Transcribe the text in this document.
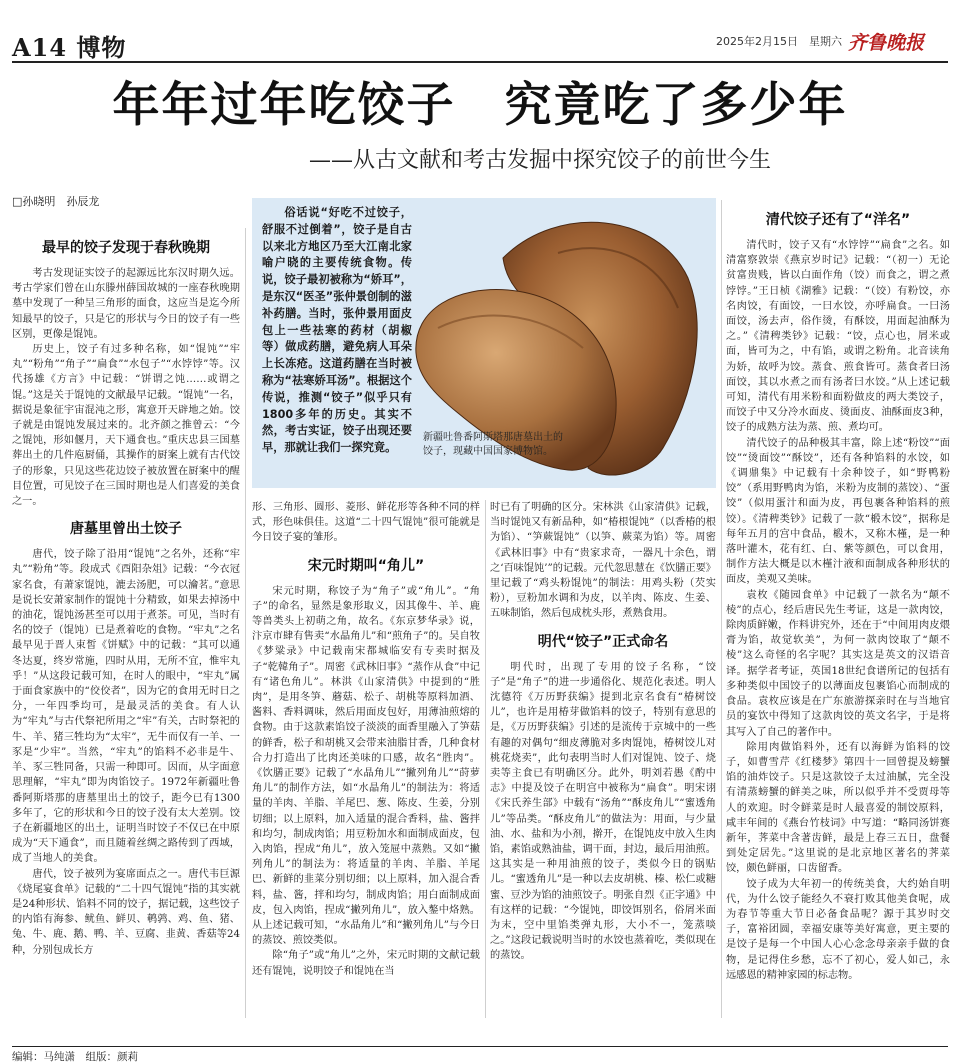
A14 博物	2025年2月15日　星期六 齐鲁晚报
年年过年吃饺子　究竟吃了多少年
——从古文献和考古发掘中探究饺子的前世今生
□孙晓明　孙辰龙

俗话说“好吃不过饺子，舒服不过倒着”，饺子是自古以来北方地区乃至大江南北家喻户晓的主要传统食物。传说，饺子最初被称为“娇耳”，是东汉“医圣”张仲景创制的滋补药膳。当时，张仲景用面皮包上一些祛寒的药材（胡椒等）做成药膳，避免病人耳朵上长冻疮。这道药膳在当时被称为“祛寒娇耳汤”。根据这个传说，推测“饺子”似乎只有1800多年的历史。其实不然，考古实证，饺子出现还要早，那就让我们一探究竟。

新疆吐鲁番阿斯塔那唐墓出土的饺子，现藏中国国家博物馆。
最早的饺子发现于春秋晚期

考古发现证实饺子的起源远比东汉时期久远。考古学家们曾在山东滕州薛国故城的一座春秋晚期墓中发现了一种呈三角形的面食，这应当是迄今所知最早的饺子，只是它的形状与今日的饺子有一些区别，更像是馄饨。

历史上，饺子有过多种名称，如“馄饨”“牢丸”“粉角”“角子”“扁食”“水包子”“水饽饽”等。汉代扬雄《方言》中记载：“饼谓之饨……或谓之馄。”这是关于馄饨的文献最早记载。“馄饨”一名，据说是象征宇宙混沌之形，寓意开天辟地之始。饺子就是由馄饨发展过来的。北齐颜之推曾云：“今之馄饨，形如偃月，天下通食也。”重庆忠县三国墓葬出土的几件庖厨俑，其操作的厨案上就有古代饺子的形象，只见这些花边饺子被放置在厨案中的醒目位置，可见饺子在三国时期也是人们喜爱的美食之一。

唐墓里曾出土饺子

唐代，饺子除了沿用“馄饨”之名外，还称“牢丸”“粉角”等。段成式《酉阳杂俎》记载：“今衣冠家名食，有萧家馄饨，漉去汤肥，可以瀹茗。”意思是说长安萧家制作的馄饨十分精致，如果去掉汤中的油花，馄饨汤甚至可以用于煮茶。可见，当时有名的饺子（馄饨）已是煮着吃的食物。“牢丸”之名最早见于晋人束皙《饼赋》中的记载：“其可以通冬达夏，终岁常施，四时从用，无所不宜，惟牢丸乎！”从这段记载可知，在时人的眼中，“牢丸”属于面食家族中的“佼佼者”，因为它的食用无时日之分，一年四季均可，是最灵活的美食。有人认为“牢丸”与古代祭祀所用之“牢”有关，古时祭祀的牛、羊、猪三牲均为“太牢”，无牛而仅有一羊、一豕是“少牢”。当然，“牢丸”的馅料不必非是牛、羊、豕三牲同备，只需一种即可。因而，从字面意思理解，“牢丸”即为肉馅饺子。1972年新疆吐鲁番阿斯塔那的唐墓里出土的饺子，距今已有1300多年了，它的形状和今日的饺子没有太大差别。饺子在新疆地区的出土，证明当时饺子不仅已在中原成为“天下通食”，而且随着丝绸之路传到了西域，成了当地人的美食。

唐代，饺子被列为宴席面点之一。唐代韦巨源《烧尾宴食单》记载的“二十四气馄饨”指的其实就是24种形状、馅料不同的饺子，据记载，这些饺子的内馅有海参、鱿鱼、鲜贝、鹌鹑、鸡、鱼、猪、兔、牛、鹿、鹅、鸭、羊、豆腐、韭黄、香菇等24种，分别包成长方

形、三角形、圆形、菱形、鲜花形等各种不同的样式，形色味俱佳。这道“二十四气馄饨”很可能就是今日饺子宴的雏形。

宋元时期叫“角儿”

宋元时期，称饺子为“角子”或“角儿”。“角子”的命名，显然是象形取义，因其像牛、羊、鹿等兽类头上初萌之角，故名。《东京梦华录》说，汴京市肆有售卖“水晶角儿”和“煎角子”的。吴自牧《梦粱录》中记载南宋都城临安有专卖时据及子“乾韓角子”。周密《武林旧事》“蒸作从食”中记有“诸色角儿”。林洪《山家清供》中提到的“胜肉”，是用冬笋、蘑菇、松子、胡桃等原料加酒、酱料、香料调味，然后用面皮包好，用薄油煎熔的食物。由于这款素馅饺子淡淡的面香里融入了笋菇的鲜香，松子和胡桃又会带来油脂甘香，几种食材合力打造出了比肉还美味的口感，故名“胜肉”。《饮膳正要》记载了“水晶角儿”“撇列角儿”“莳萝角儿”的制作方法，如“水晶角儿”的制法为：将适量的羊肉、羊脂、羊尾巴、葱、陈皮、生姜，分别切细；以上原料，加入适量的混合香料，盐、酱拌和均匀，制成肉馅；用豆粉加水和面制成面皮，包入肉馅，捏成“角儿”，放入笼屉中蒸熟。又如“撇列角儿”的制法为：将适量的羊肉、羊脂、羊尾巴、新鲜的韭菜分别切细；以上原料，加入混合香料，盐、酱，拌和均匀，制成肉馅；用白面制成面皮，包入肉馅，捏成“撇列角儿”，放入鏊中烙熟。从上述记载可知，“水晶角儿”和“撇列角儿”与今日的蒸饺、煎饺类似。

除“角子”或“角儿”之外，宋元时期的文献记载还有馄饨，说明饺子和馄饨在当

时已有了明确的区分。宋林洪《山家清供》记载，当时馄饨又有新品种，如“椿根馄饨”（以香椿的根为馅）、“笋蕨馄饨”（以笋、蕨菜为馅）等。周密《武林旧事》中有“贵家求奇，一器凡十余色，谓之‘百味馄饨’”的记载。元代忽思慧在《饮膳正要》里记载了“鸡头粉馄饨”的制法：用鸡头粉（芡实粉），豆粉加水调和为皮，以羊肉、陈皮、生姜、五味制馅，然后包成枕头形，煮熟食用。

明代“饺子”正式命名

明代时，出现了专用的饺子名称，“饺子”是“角子”的进一步通俗化、规范化表述。明人沈德符《万历野获编》提到北京名食有“椿树饺儿”，也许是用椿芽做馅料的饺子，特别有意思的是，《万历野获编》引述的是流传于京城中的一些有趣的对偶句“细皮薄脆对多肉馄饨，椿树饺儿对桃花烧卖”，此句表明当时人们对馄饨、饺子、烧卖等主食已有明确区分。此外，明刘若愚《酌中志》中提及饺子在明宫中被称为“扁食”。明宋诩《宋氏养生部》中载有“汤角”“酥皮角儿”“蜜透角儿”等品类。“酥皮角儿”的做法为：用面，与少量油、水、盐和为小剂，擀开，在馄饨皮中放入生肉馅，素馅或熟油盐，调干面，封边，最后用油煎。这其实是一种用油煎的饺子，类似今日的锅贴儿。“蜜透角儿”是一种以去皮胡桃、榛、松仁或糖蜜、豆沙为馅的油煎饺子。明张自烈《正字通》中有这样的记载：“今馄饨，即饺饵别名，俗屑米面为末，空中里馅类弹丸形，大小不一，笼蒸啖之。”这段记载说明当时的水饺也蒸着吃，类似现在的蒸饺。

清代饺子还有了“洋名”

清代时，饺子又有“水饽饽”“扁食”之名。如清富察敦崇《燕京岁时记》记载：“（初一）无论贫富贵贱，皆以白面作角（饺）而食之，谓之煮饽饽。”王日桢《湖雅》记载：“（饺）有粉饺，亦名肉饺，有面饺，一曰水饺，亦呼扁食。一曰汤面饺，汤去声，俗作烫，有酥饺，用面起油酥为之。”《清稗类钞》记载：“饺，点心也，屑米或面，皆可为之，中有馅，或谓之粉角。北音读角为娇，故呼为饺。蒸食、煎食皆可。蒸食者曰汤面饺，其以水煮之而有汤者曰水饺。”从上述记载可知，清代有用米粉和面粉做皮的两大类饺子，而饺子中又分冷水面皮、烫面皮、油酥面皮3种，饺子的成熟方法为蒸、煎、煮均可。

清代饺子的品种极其丰富，除上述“粉饺”“面饺”“烫面饺”“酥饺”，还有各种馅料的水饺，如《调鼎集》中记载有十余种饺子，如“野鸭粉饺”（系用野鸭肉为馅，米粉为皮制的蒸饺）、“蛋饺”（似用蛋汁和面为皮，再包裹各种馅料的煎饺）。《清稗类钞》记载了一款“椴木饺”，据称是每年五月的宫中食品，椴木，又称木槿，是一种落叶灌木，花有红、白、紫等颜色，可以食用，制作方法大概是以木槿汁液和面制成各种形状的面皮，美观又美味。

袁枚《随园食单》中记载了一款名为“颠不棱”的点心，经后唐民先生考证，这是一款肉饺，除肉质鲜嫩，作料讲究外，还在于“中间用肉皮煨膏为馅，故觉软美”，为何一款肉饺取了“颠不棱”这么奇怪的名字呢？其实这是英文的汉语音译。据学者考证，英国18世纪食谱所记的包括有多种类似中国饺子的以薄面皮包裹馅心而制成的食品。袁枚应该是在广东旅游探亲时在与当地官员的宴饮中得知了这款肉饺的英文名字，于是将其写入了自己的著作中。

除用肉做馅料外，还有以海鲜为馅料的饺子，如曹雪芹《红楼梦》第四十一回曾提及螃蟹馅的油炸饺子。只是这款饺子太过油腻，完全没有清蒸螃蟹的鲜美之味，所以似乎并不受贾母等人的欢迎。时令鲜菜是时人最喜爱的制饺原料，咸丰年间的《燕台竹枝词》中写道：“略同汤饼赛新年，荠菜中含著齿鲜，最是上春三五日，盘餐到处定居先。”这里说的是北京地区著名的荠菜饺，颇色鲜丽，口齿留香。

饺子成为大年初一的传统美食，大约始自明代，为什么饺子能经久不衰打败其他美食呢，成为春节等重大节日必备食品呢？源于其岁时交子，富裕团圆，幸福安康等美好寓意，更主要的是饺子是每一个中国人心心念念母亲亲手做的食物，是记得住乡愁，忘不了初心，爱人如己，永远感恩的精神家园的标志物。

编辑：马纯潇　组版：颜莉
